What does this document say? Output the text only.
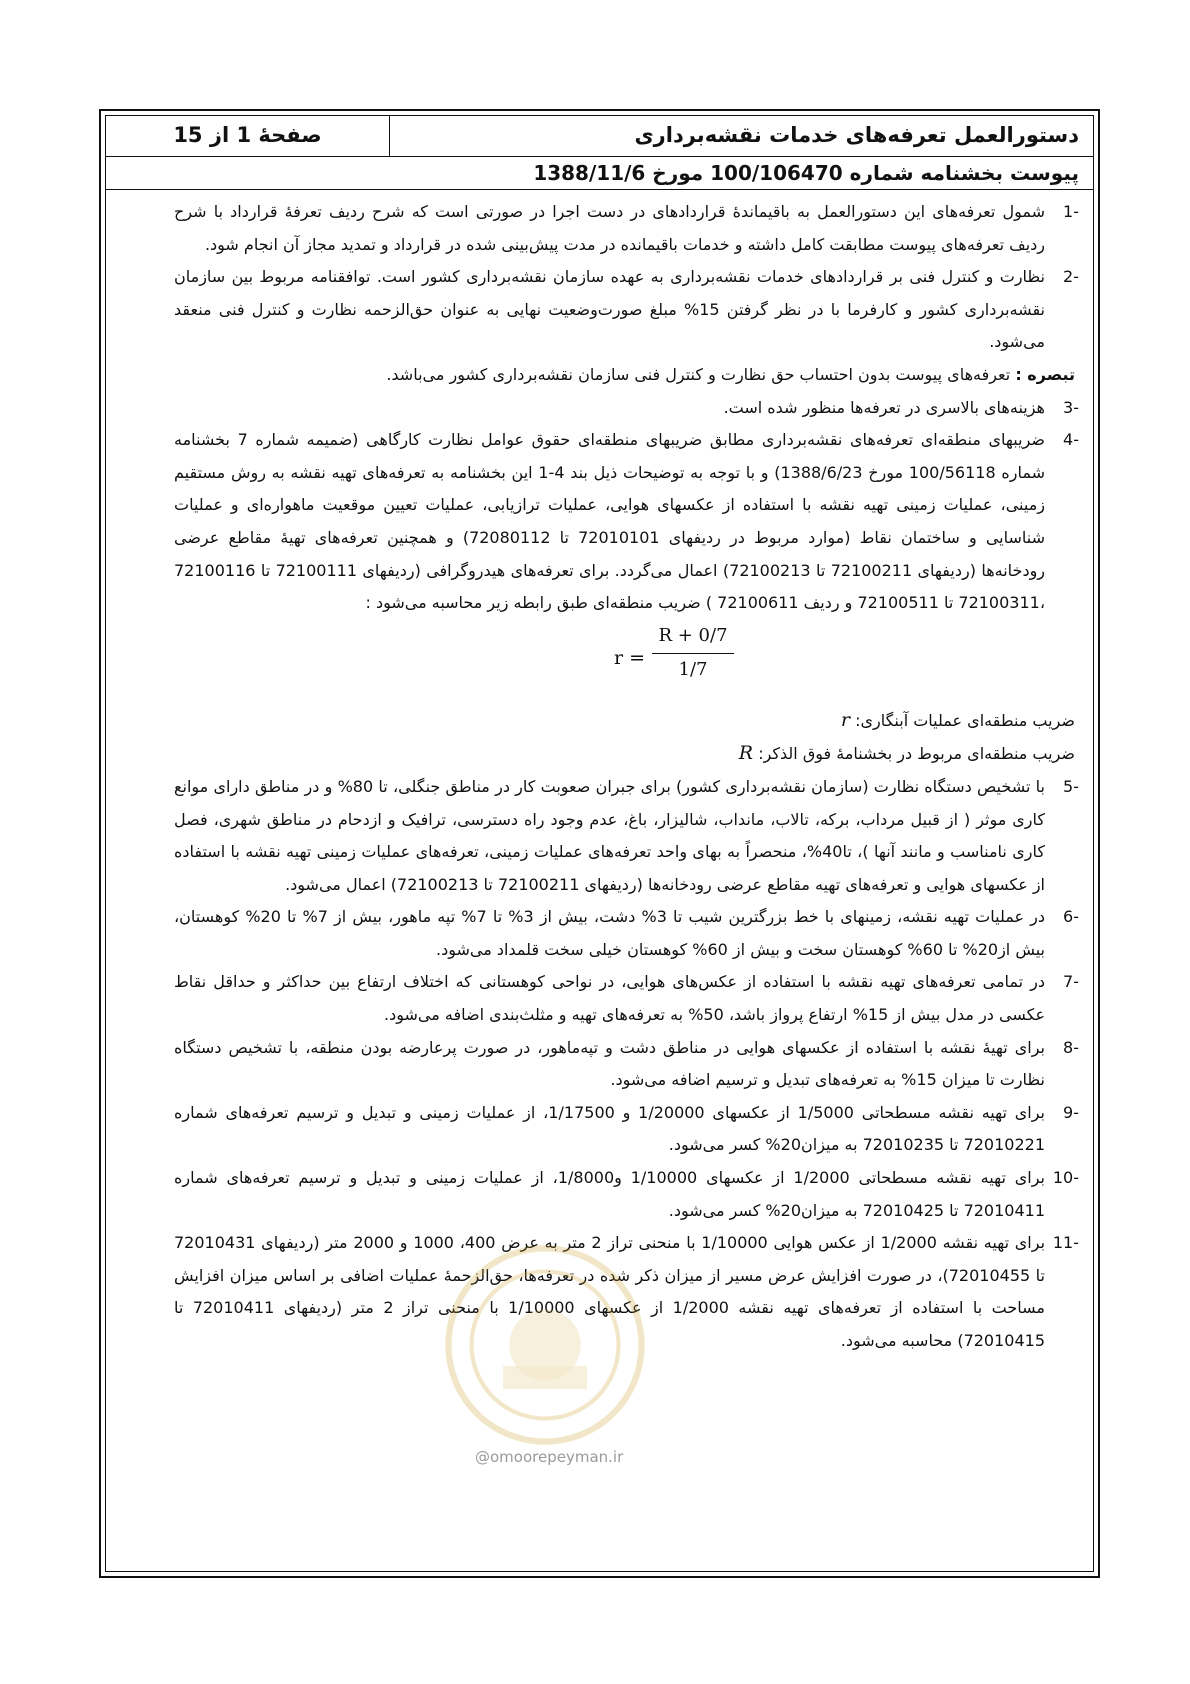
دستورالعمل تعرفه‌های خدمات نقشه‌برداری
صفحهٔ 1 از 15
پیوست بخشنامه شماره 100/106470 مورخ 1388/11/6
1-
شمول تعرفه‌های این دستورالعمل به باقیماندهٔ قراردادهای در دست اجرا در صورتی است که شرح ردیف تعرفهٔ قرارداد با شرح ردیف تعرفه‌های پیوست مطابقت کامل داشته و خدمات باقیمانده در مدت پیش‌بینی شده در قرارداد و تمدید مجاز آن انجام شود.
2-
نظارت و کنترل فنی بر قراردادهای خدمات نقشه‌برداری به عهده سازمان نقشه‌برداری کشور است. توافقنامه مربوط بین سازمان نقشه‌برداری کشور و کارفرما با در نظر گرفتن 15% مبلغ صورت‌وضعیت نهایی به عنوان حق‌الزحمه نظارت و کنترل فنی منعقد می‌شود.
تبصره : تعرفه‌های پیوست بدون احتساب حق نظارت و کنترل فنی سازمان نقشه‌برداری کشور می‌باشد.
3-
هزینه‌های بالاسری در تعرفه‌ها منظور شده است.
4-
ضریبهای منطقه‌ای تعرفه‌های نقشه‌برداری مطابق ضریبهای منطقه‌ای حقوق عوامل نظارت کارگاهی (ضمیمه شماره 7 بخشنامه شماره 100/56118 مورخ 1388/6/23) و با توجه به توضیحات ذیل بند 4-1 این بخشنامه به تعرفه‌های تهیه نقشه به روش مستقیم زمینی، عملیات زمینی تهیه نقشه با استفاده از عکسهای هوایی، عملیات ترازیابی، عملیات تعیین موقعیت ماهواره‌ای و عملیات شناسایی و ساختمان نقاط (موارد مربوط در ردیفهای 72010101 تا 72080112) و همچنین تعرفه‌های تهیهٔ مقاطع عرضی رودخانه‌ها (ردیفهای 72100211 تا 72100213) اعمال می‌گردد. برای تعرفه‌های هیدروگرافی (ردیفهای 72100111 تا 72100116 ،72100311 تا 72100511 و ردیف 72100611 ) ضریب منطقه‌ای طبق رابطه زیر محاسبه می‌شود :
$r = \frac{R + 0/7}{1/7}$
ضریب منطقه‌ای عملیات آبنگاری: r
ضریب منطقه‌ای مربوط در بخشنامهٔ فوق الذکر: R
5-
با تشخیص دستگاه نظارت (سازمان نقشه‌برداری کشور) برای جبران صعوبت کار در مناطق جنگلی، تا 80% و در مناطق دارای موانع کاری موثر ( از قبیل مرداب، برکه، تالاب، مانداب، شالیزار، باغ، عدم وجود راه دسترسی، ترافیک و ازدحام در مناطق شهری، فصل کاری نامناسب و مانند آنها )، تا40%، منحصراً به بهای واحد تعرفه‌های عملیات زمینی، تعرفه‌های عملیات زمینی تهیه نقشه با استفاده از عکسهای هوایی و تعرفه‌های تهیه مقاطع عرضی رودخانه‌ها (ردیفهای 72100211 تا 72100213) اعمال می‌شود.
6-
در عملیات تهیه نقشه، زمینهای با خط بزرگترین شیب تا 3% دشت، بیش از 3% تا 7% تپه ماهور، بیش از 7% تا 20% کوهستان، بیش از20% تا 60% کوهستان سخت و بیش از 60% کوهستان خیلی سخت قلمداد می‌شود.
7-
در تمامی تعرفه‌های تهیه نقشه با استفاده از عکس‌های هوایی، در نواحی کوهستانی که اختلاف ارتفاع بین حداکثر و حداقل نقاط عکسی در مدل بیش از 15% ارتفاع پرواز باشد، 50% به تعرفه‌های تهیه و مثلث‌بندی اضافه می‌شود.
8-
برای تهیهٔ نقشه با استفاده از عکسهای هوایی در مناطق دشت و تپه‌ماهور، در صورت پرعارضه بودن منطقه، با تشخیص دستگاه نظارت تا میزان 15% به تعرفه‌های تبدیل و ترسیم اضافه می‌شود.
9-
برای تهیه نقشه مسطحاتی 1/5000 از عکسهای 1/20000 و 1/17500، از عملیات زمینی و تبدیل و ترسیم تعرفه‌های شماره 72010221 تا 72010235 به میزان20% کسر می‌شود.
10-
برای تهیه نقشه مسطحاتی 1/2000 از عکسهای 1/10000 و1/8000، از عملیات زمینی و تبدیل و ترسیم تعرفه‌های شماره 72010411 تا 72010425 به میزان20% کسر می‌شود.
11-
برای تهیه نقشه 1/2000 از عکس هوایی 1/10000 با منحنی تراز 2 متر به عرض 400، 1000 و 2000 متر (ردیفهای 72010431 تا 72010455)، در صورت افزایش عرض مسیر از میزان ذکر شده در تعرفه‌ها، حق‌الزحمهٔ عملیات اضافی بر اساس میزان افزایش مساحت با استفاده از تعرفه‌های تهیه نقشه 1/2000 از عکسهای 1/10000 با منحنی تراز 2 متر (ردیفهای 72010411 تا 72010415) محاسبه می‌شود.
@omoorepeyman.ir
